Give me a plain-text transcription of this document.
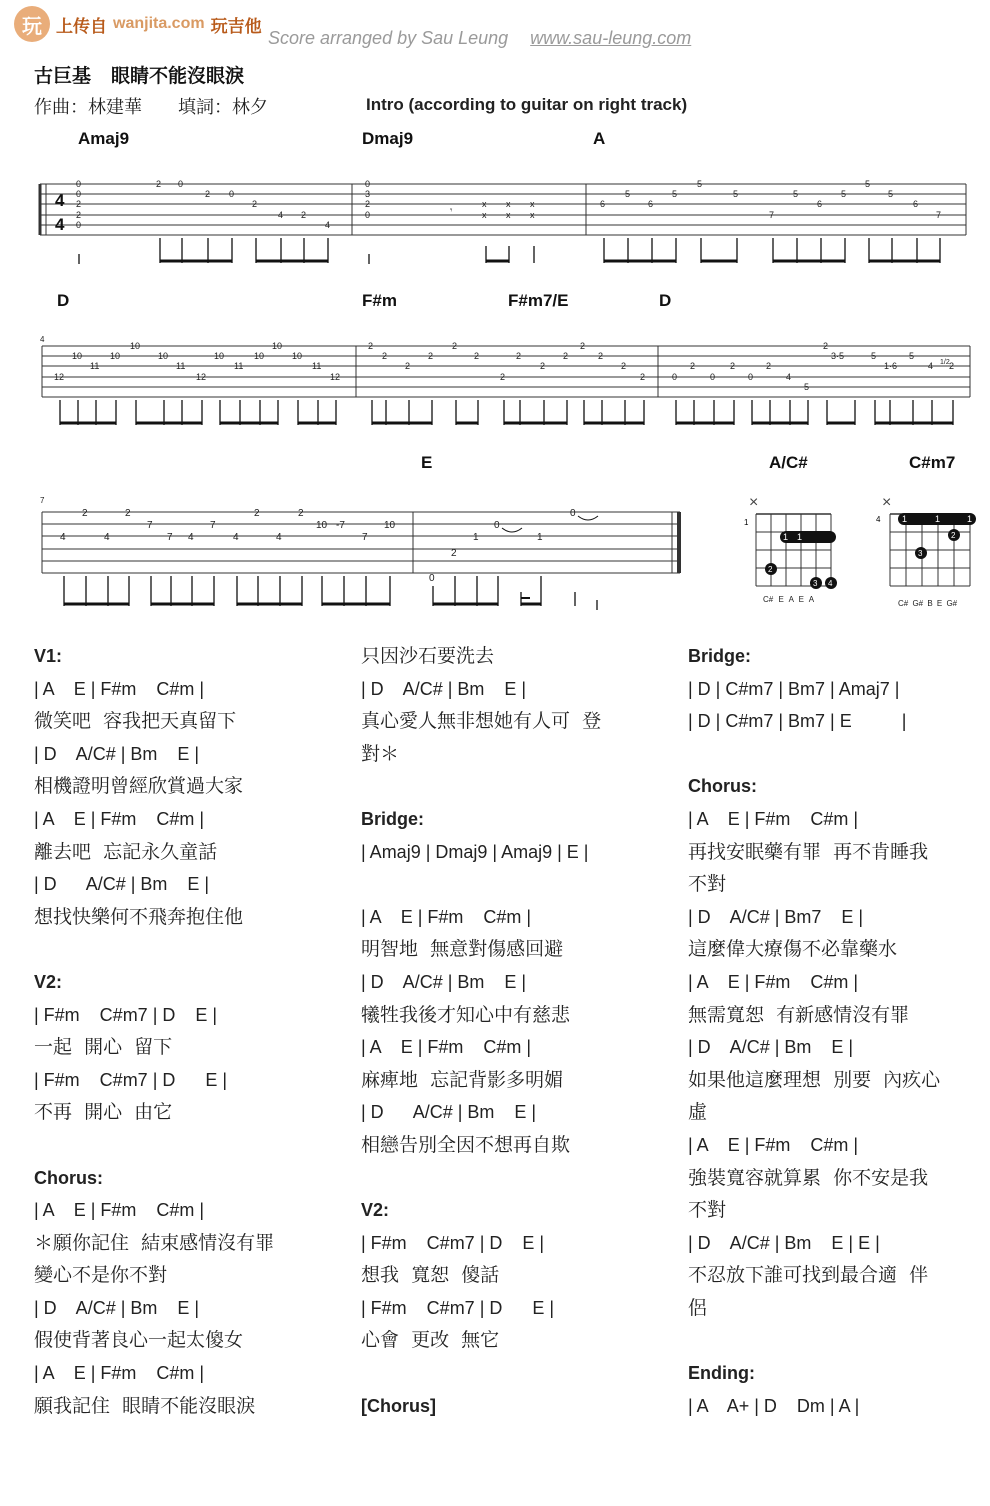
玩 上传自 wanjita.com 玩吉他
Score arranged by Sau Leung www.sau-leung.com
古巨基 眼睛不能沒眼淚
作曲：林建華 填詞：林夕	Intro (according to guitar on right track)
Amaj9	Dmaj9	A
D	F#m	F#m7/E	D
E	A/C#	C#m7
4
4
0
0
2
2
0
2 0
2 0
2
4 2
4
0
3
2
0	𝄾
x
x
x
x
x
x
6
5
6
5
5
5
7
5
6
5
5
5
6
7
4
12
10
11
10
10
10
11
12
10
11
10
10
10
11
12
2
2
2
2
2
2
2
2
2
2
2
2
2
2	0
2
0
2
0
2
4
5
2
3·5	5
1·6
5
4 1/2 2
7
4
2
4
2
7
7 4
7
4
2
4
2
10 -7
7
10
0
2
1
0
1
0
×
1
1 1
2
3 4
C# E A E A
×
4 1	1	1
2
3
C# G# B E G#
V1:
| A    E | F#m    C#m |
微笑吧  容我把天真留下
| D    A/C# | Bm    E |
相機證明曾經欣賞過大家
| A    E | F#m    C#m |
離去吧  忘記永久童話
| D      A/C# | Bm    E |
想找快樂何不飛奔抱住他
V2:
| F#m    C#m7 | D    E |
一起  開心  留下
| F#m    C#m7 | D      E |
不再  開心  由它
Chorus:
| A    E | F#m    C#m |
＊願你記住  結束感情沒有罪
變心不是你不對
| D    A/C# | Bm    E |
假使背著良心一起太傻女
| A    E | F#m    C#m |
願我記住  眼睛不能沒眼淚
只因沙石要洗去
| D    A/C# | Bm    E |
真心愛人無非想她有人可  登
對＊
Bridge:
| Amaj9 | Dmaj9 | Amaj9 | E |
| A    E | F#m    C#m |
明智地  無意對傷感回避
| D    A/C# | Bm    E |
犧牲我後才知心中有慈悲
| A    E | F#m    C#m |
麻痺地  忘記背影多明媚
| D      A/C# | Bm    E |
相戀告別全因不想再自欺
V2:
| F#m    C#m7 | D    E |
想我  寬恕  傻話
| F#m    C#m7 | D      E |
心會  更改  無它
[Chorus]
Bridge:
| D | C#m7 | Bm7 | Amaj7 |
| D | C#m7 | Bm7 | E          |
Chorus:
| A    E | F#m    C#m |
再找安眠藥有罪  再不肯睡我
不對
| D    A/C# | Bm7    E |
這麼偉大療傷不必靠藥水
| A    E | F#m    C#m |
無需寬恕  有新感情沒有罪
| D    A/C# | Bm    E |
如果他這麼理想  別要  內疚心
虛
| A    E | F#m    C#m |
強裝寬容就算累  你不安是我
不對
| D    A/C# | Bm    E | E |
不忍放下誰可找到最合適  伴
侶
Ending:
| A    A+ | D    Dm | A |
